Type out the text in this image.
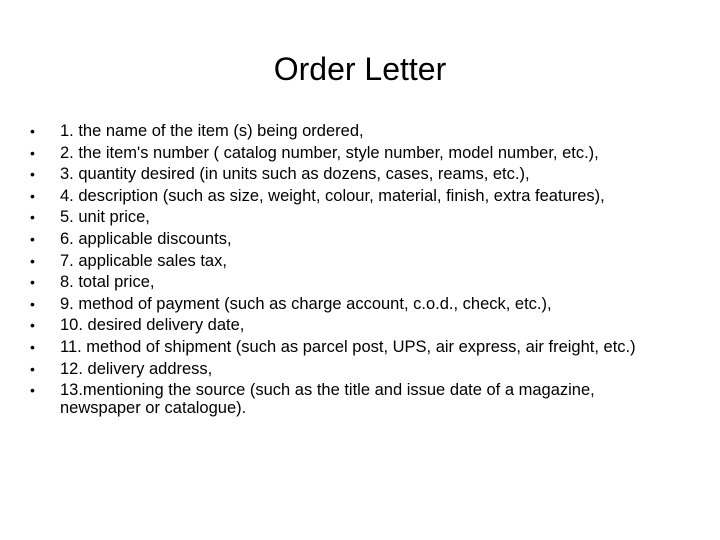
Order Letter
•	1. the name of the item (s) being ordered,
•	2. the item's number ( catalog number, style number, model number, etc.),
•	3. quantity desired (in units such as dozens, cases, reams, etc.),
•	4. description (such as size, weight, colour, material, finish, extra features),
•	5. unit price,
•	6. applicable discounts,
•	7. applicable sales tax,
•	8. total price,
•	9. method of payment (such as charge account, c.o.d., check, etc.),
•	10. desired delivery date,
•	11. method of shipment (such as parcel post, UPS, air express, air freight, etc.)
•	12. delivery address,
•	13.mentioning the source (such as the title and issue date of a magazine, newspaper or catalogue).
